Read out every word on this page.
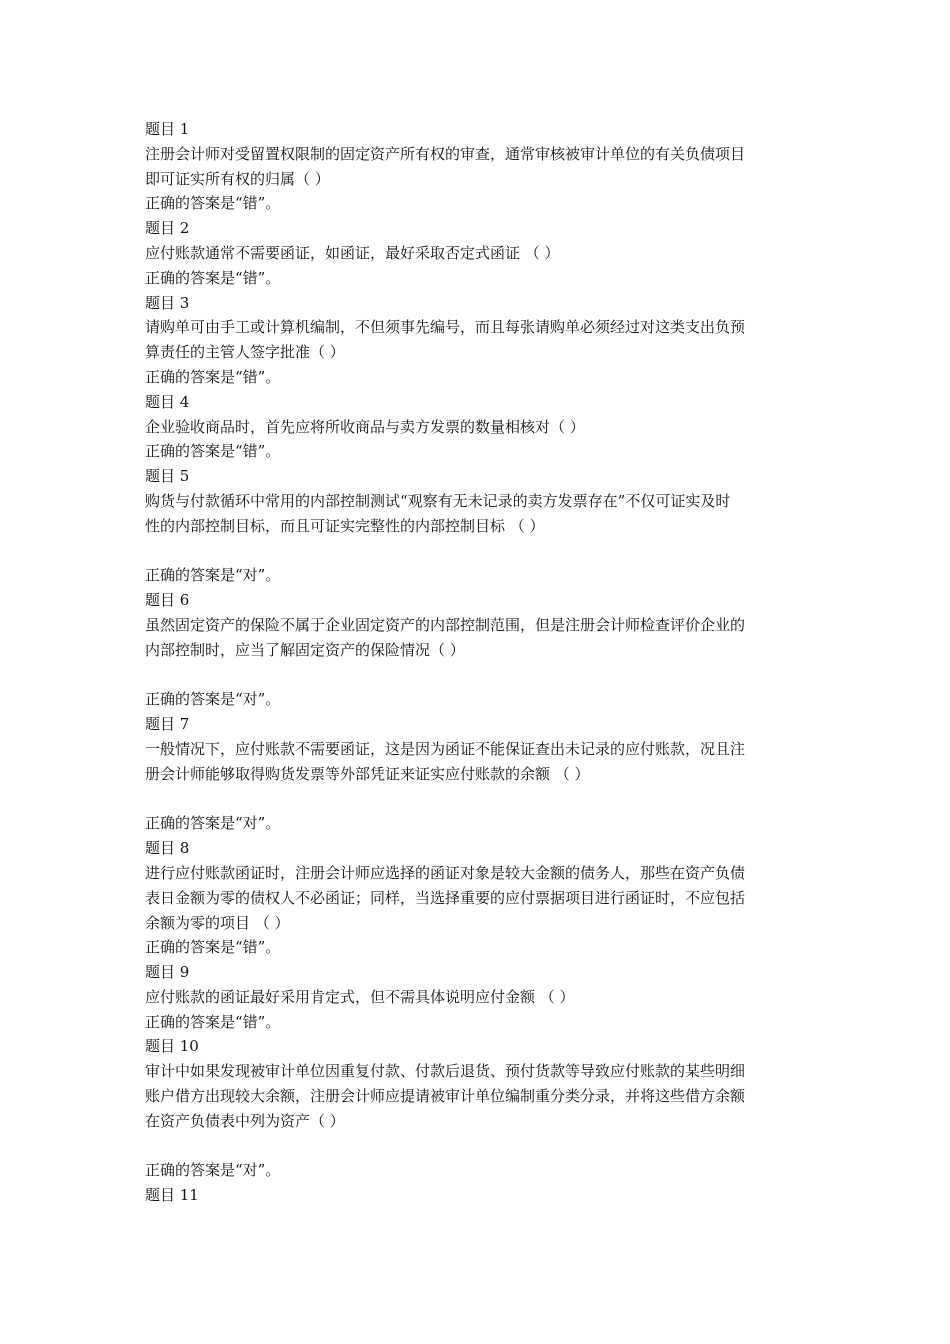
题目 1
注册会计师对受留置权限制的固定资产所有权的审查，通常审核被审计单位的有关负债项目
即可证实所有权的归属（ ）
正确的答案是“错”。
题目 2
应付账款通常不需要函证，如函证，最好采取否定式函证 （ ）
正确的答案是“错”。
题目 3
请购单可由手工或计算机编制，不但须事先编号，而且每张请购单必须经过对这类支出负预
算责任的主管人签字批准（ ）
正确的答案是“错”。
题目 4
企业验收商品时，首先应将所收商品与卖方发票的数量相核对（ ）
正确的答案是“错”。
题目 5
购货与付款循环中常用的内部控制测试“观察有无未记录的卖方发票存在”不仅可证实及时
性的内部控制目标，而且可证实完整性的内部控制目标 （ ）
正确的答案是“对”。
题目 6
虽然固定资产的保险不属于企业固定资产的内部控制范围，但是注册会计师检查评价企业的
内部控制时，应当了解固定资产的保险情况（ ）
正确的答案是“对”。
题目 7
一般情况下，应付账款不需要函证，这是因为函证不能保证查出未记录的应付账款，况且注
册会计师能够取得购货发票等外部凭证来证实应付账款的余额 （ ）
正确的答案是“对”。
题目 8
进行应付账款函证时，注册会计师应选择的函证对象是较大金额的债务人，那些在资产负债
表日金额为零的债权人不必函证；同样，当选择重要的应付票据项目进行函证时，不应包括
余额为零的项目 （ ）
正确的答案是“错”。
题目 9
应付账款的函证最好采用肯定式，但不需具体说明应付金额 （ ）
正确的答案是“错”。
题目 10
审计中如果发现被审计单位因重复付款、付款后退货、预付货款等导致应付账款的某些明细
账户借方出现较大余额，注册会计师应提请被审计单位编制重分类分录，并将这些借方余额
在资产负债表中列为资产（ ）
正确的答案是“对”。
题目 11
